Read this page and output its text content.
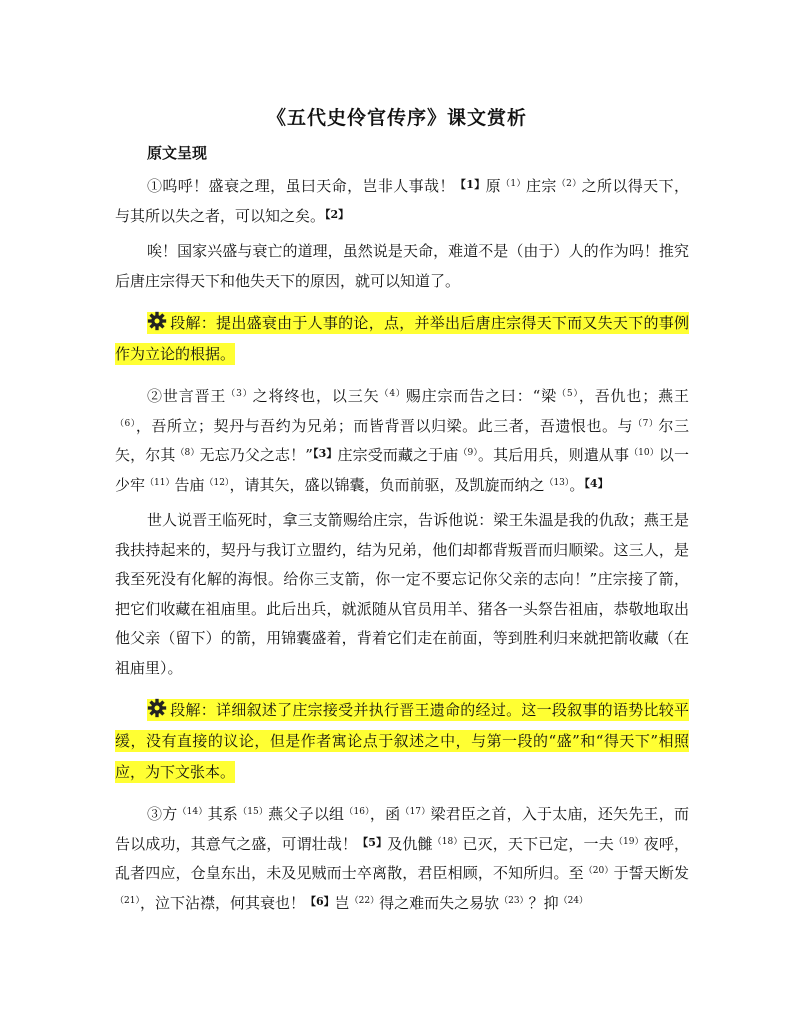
《五代史伶官传序》课文赏析
原文呈现

①呜呼！盛衰之理，虽曰天命，岂非人事哉！$^{【1】}$原$^{(1)}$庄宗$^{(2)}$之所以得天下，与其所以失之者，可以知之矣。$^{【2】}$

唉！国家兴盛与衰亡的道理，虽然说是天命，难道不是（由于）人的作为吗！推究后唐庄宗得天下和他失天下的原因，就可以知道了。

段解：提出盛衰由于人事的论，点，并举出后唐庄宗得天下而又失天下的事例作为立论的根据。

②世言晋王$^{(3)}$之将终也，以三矢$^{(4)}$赐庄宗而告之曰：“梁$^{(5)}$，吾仇也；燕王$^{(6)}$，吾所立；契丹与吾约为兄弟；而皆背晋以归梁。此三者，吾遗恨也。与$^{(7)}$尔三矢，尔其$^{(8)}$无忘乃父之志！”$^{【3】}$庄宗受而藏之于庙$^{(9)}$。其后用兵，则遣从事$^{(10)}$以一少牢$^{(11)}$告庙$^{(12)}$，请其矢，盛以锦囊，负而前驱，及凯旋而纳之$^{(13)}$。$^{【4】}$

世人说晋王临死时，拿三支箭赐给庄宗，告诉他说：梁王朱温是我的仇敌；燕王是我扶持起来的，契丹与我订立盟约，结为兄弟，他们却都背叛晋而归顺梁。这三人，是我至死没有化解的海恨。给你三支箭，你一定不要忘记你父亲的志向！”庄宗接了箭，把它们收藏在祖庙里。此后出兵，就派随从官员用羊、猪各一头祭告祖庙，恭敬地取出他父亲（留下）的箭，用锦囊盛着，背着它们走在前面，等到胜利归来就把箭收藏（在祖庙里）。

段解：详细叙述了庄宗接受并执行晋王遗命的经过。这一段叙事的语势比较平缓，没有直接的议论，但是作者寓论点于叙述之中，与第一段的“盛”和“得天下”相照应，为下文张本。

③方$^{(14)}$其系$^{(15)}$燕父子以组$^{(16)}$，函$^{(17)}$梁君臣之首，入于太庙，还矢先王，而告以成功，其意气之盛，可谓壮哉！$^{【5】}$及仇雠$^{(18)}$已灭，天下已定，一夫$^{(19)}$夜呼，乱者四应，仓皇东出，未及见贼而士卒离散，君臣相顾，不知所归。至$^{(20)}$于誓天断发$^{(21)}$，泣下沾襟，何其衰也！$^{【6】}$岂$^{(22)}$得之难而失之易欤$^{(23)}$？抑$^{(24)}$
